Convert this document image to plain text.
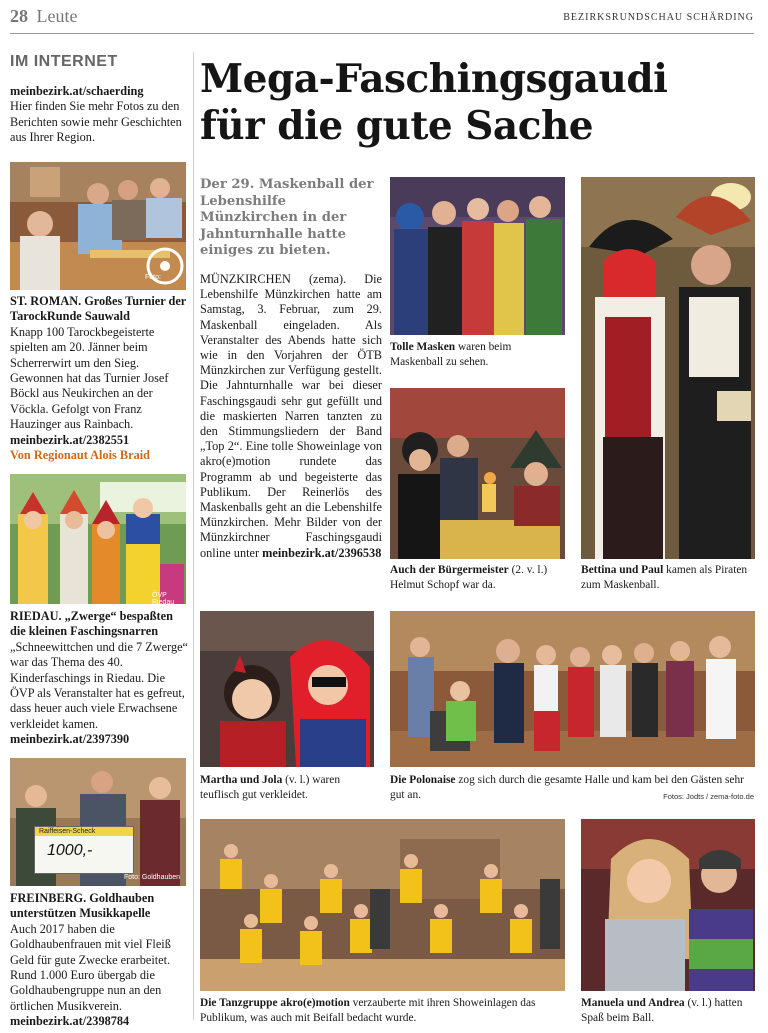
28 Leute	BEZIRKSRUNDSCHAU SCHÄRDING
IM INTERNET
meinbezirk.at/schaerding
Hier finden Sie mehr Fotos zu den Berichten sowie mehr Geschichten aus Ihrer Region.
Foto:
ST. ROMAN. Großes Turnier der TarockRunde Sauwald
Knapp 100 Tarockbegeisterte spielten am 20. Jänner beim Scherrerwirt um den Sieg. Gewonnen hat das Turnier Josef Böckl aus Neukirchen an der Vöckla. Gefolgt von Franz Hauzinger aus Rainbach.
meinbezirk.at/2382551
Von Regionaut Alois Braid
ÖVP Riedau
RIEDAU. „Zwerge“ bespaßten die kleinen Faschingsnarren
„Schneewittchen und die 7 Zwerge“ war das Thema des 40. Kinderfaschings in Riedau. Die ÖVP als Veranstalter hat es gefreut, dass heuer auch viele Erwachsene verkleidet kamen.
meinbezirk.at/2397390
Raiffeisen-Scheck
1000,-
Foto: Goldhauben
FREINBERG. Goldhauben unterstützen Musikkapelle
Auch 2017 haben die Goldhaubenfrauen mit viel Fleiß Geld für gute Zwecke erarbeitet. Rund 1.000 Euro übergab die Goldhaubengruppe nun an den örtlichen Musikverein.
meinbezirk.at/2398784
Mega-Faschingsgaudi
für die gute Sache
Der 29. Maskenball der Lebenshilfe Münzkirchen in der Jahnturnhalle hatte einiges zu bieten.
MÜNZKIRCHEN (zema). Die Lebenshilfe Münzkirchen hatte am Samstag, 3. Februar, zum 29. Maskenball eingeladen. Als Veranstalter des Abends hatte sich wie in den Vorjahren der ÖTB Münzkirchen zur Verfügung gestellt. Die Jahnturnhalle war bei dieser Faschingsgaudi sehr gut gefüllt und die maskierten Narren tanzten zu den Stimmungsliedern der Band „Top 2“. Eine tolle Showeinlage von akro(e)motion rundete das Programm ab und begeisterte das Publikum. Der Reinerlös des Maskenballs geht an die Lebenshilfe Münzkirchen. Mehr Bilder von der Münzkirchner Faschingsgaudi online unter meinbezirk.at/2396538
Tolle Masken waren beim Maskenball zu sehen.
Bettina und Paul kamen als Piraten zum Maskenball.
Auch der Bürgermeister (2. v. l.) Helmut Schopf war da.
Martha und Jola (v. l.) waren teuflisch gut verkleidet.
Die Polonaise zog sich durch die gesamte Halle und kam bei den Gästen sehr gut an.	Fotos: Jodts / zema-foto.de
Die Tanzgruppe akro(e)motion verzauberte mit ihren Showeinlagen das Publikum, was auch mit Beifall bedacht wurde.
Manuela und Andrea (v. l.) hatten Spaß beim Ball.
